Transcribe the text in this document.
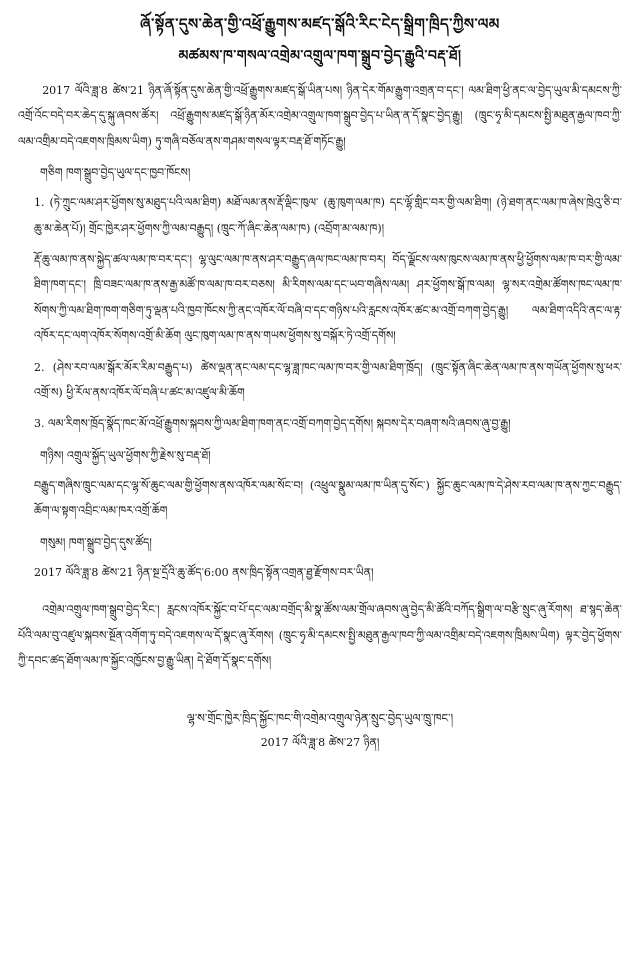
ཞོ་སྟོན་དུས་ཆེན་གྱི་འཕྲོ་རྒྱུགས་མཛད་སྒོའི་རིང་ངེད་སྒྲིག་ཁྲིད་ཀྱིས་ལམ
མཚམས་ཁ་གསལ་འགྲེམ་འགྲུལ་ཁག་སྒྲུབ་བྱེད་རྒྱུའི་བརྡ་ཐོ།

2017 ལོའི་ཟླ་8 ཚེས་21 ཉིན་ཞོ་སྟོན་དུས་ཆེན་གྱི་འཕྲོ་རྒྱུགས་མཛད་སྒོ་ཡིན་པས། ཉིན་དེར་གོམ་རྒྱུག་འགྲན་བ་དང་། ལམ་ཐིག་ཕྱི་ནང་ལ་བྱེད་ཡུལ་མི་དམངས་ཀྱི་འགྲོ་འོང་བདེ་བར་ཆེད་དུ་སྐུ་ཞབས་ཚོར། འཕྲོ་རྒྱུགས་མཛད་སྒོ་ཉིན་མོར་འགྲེམ་འགྲུལ་ཁག་སྒྲུབ་བྱེད་པ་ཡིན་ན་དོ་སྣང་བྱེད་རྒྱུ། (ཁྲུང་ཧྭ་མི་དམངས་སྤྱི་མཐུན་རྒྱལ་ཁབ་ཀྱི་ལམ་འགྲིམ་བདེ་འཇགས་ཁྲིམས་ཡིག) ཏུ་གཞི་བཅོལ་ནས་གཤམ་གསལ་ལྟར་བརྡ་ཐོ་གཏོང་རྒྱུ།

གཅིག ཁག་སྒྲུབ་བྱེད་ཡུལ་དང་ཁྱབ་ཁོངས།

1. (ཏེ་ཀྲུང་ལམ་ཤར་ཕྱོགས་སུ་མཐུད་པའི་ལམ་ཐིག) མཐོ་ལམ་ནས་རྡོ་ལྡིང་ཁུལ་ (ཆུ་ཁུག་ལམ་ཁ) དང་ལྷོ་གླིང་བར་གྱི་ལམ་ཐིག། (ཉེ་ཐག་ནང་ལམ་ཁ་ཞེས་ཁྲེའུ་ཅི་བ་ཆུ་མ་ཆེན་པོ)། གྲོང་ཁྱེར་ཤར་ཕྱོགས་ཀྱི་ལམ་བརྒྱུད། (ཁྲུང་ཀོ་ཞིང་ཆེན་ལམ་ཁ) (འབྲོག་མ་ལམ་ཁ)།

རྡོ་ཆུ་ལམ་ཁ་ནས་སྐྱེད་ཚལ་ལམ་ཁ་བར་དང་། ལྷ་ལུང་ལམ་ཁ་ནས་ཤར་བརྒྱུད་ཞལ་ཁང་ལམ་ཁ་བར། བོད་ལྗོངས་ལས་ཁུངས་ལམ་ཁ་ནས་ཕྱི་ཕྱོགས་ལམ་ཁ་བར་གྱི་ལམ་ཐིག་ཁག་དང་། ཁྲི་བཟང་ལམ་ཁ་ནས་རྒྱ་མཚོ་ཁ་ལམ་ཁ་བར་བཅས། མི་རིགས་ལམ་དང་ཡབ་གཞིས་ལམ། ཤར་ཕྱོགས་སྒོ་ཁ་ལམ། ལྷ་སར་འགྲེམ་ཚོགས་ཁང་ལམ་ཁ་སོགས་ཀྱི་ལམ་ཐིག་ཁག་གཅིག་ཏུ་ལྡན་པའི་ཁྱབ་ཁོངས་ཀྱི་ནང་འཁོར་ལོ་བཞི་བ་དང་གཉིས་པའི་རླངས་འཁོར་ཚང་མ་འགྲོ་བཀག་བྱེད་རྒྱུ། ལམ་ཐིག་འདིའི་ནང་ལ་རྟ་འཁོར་དང་ལག་འཁོར་སོགས་འགྲོ་མི་ཆོག ལུང་ཁུག་ལམ་ཁ་ནས་གཡས་ཕྱོགས་སུ་བསྐོར་ཏེ་འགྲོ་དགོས།

2. (ཤེས་རབ་ལམ་སྒོར་མོར་རིམ་བརྒྱུད་པ) ཚེས་ལྡན་ནང་ལམ་དང་ལྷ་ཟླ་ཁང་ལམ་ཁ་བར་གྱི་ལམ་ཐིག་ཁྲོད། (ཁྲུང་སྟོན་ཞིང་ཆེན་ལམ་ཁ་ནས་གཡོན་ཕྱོགས་སུ་ཕར་འགྲོ་ས) ཕྱི་རོལ་ནས་འཁོར་ལོ་བཞི་པ་ཚང་མ་འཛུལ་མི་ཆོག

3. ལམ་རིགས་ཁྲོད་སྣོད་ཁང་མོ་འཕྲོ་རྒྱུགས་སྐབས་ཀྱི་ལམ་ཐིག་ཁག་ནང་འགྲོ་བཀག་བྱེད་དགོས། སྐབས་དེར་བཞག་སའི་ཞབས་ཞུ་བྱ་རྒྱུ།

གཉིས། འགྲུལ་སྐྱོད་ཡུལ་ཕྱོགས་ཀྱི་རྗེས་སུ་བརྡ་ཐོ།

བརྒྱུད་གཞིས་ཁྲུང་ལམ་དང་ལྷ་སོ་ཆུང་ལམ་གྱི་ཕྱོགས་ནས་འཁོར་ལམ་སོང་བ། (འཕྲུལ་སྣུམ་ལམ་ཁ་ཡིན་དུ་སོང་) སྐྱོང་ཆུང་ལམ་ཁ་དེ་ཤེས་རབ་ལམ་ཁ་ནས་ཀྱང་བརྒྱུད་ཆོག་ལ་སྟག་འབྲིང་ལམ་ཁར་འགྲོ་ཆོག

གསུམ། ཁག་སྒྲུབ་བྱེད་དུས་ཚོད།

2017 ལོའི་ཟླ་8 ཚེས་21 ཉིན་སྔ་དྲོའི་ཆུ་ཚོད་6:00 ནས་ཁྲིད་སྟོན་འགྲན་ཐྱ་རྫོགས་བར་ཡིན།

འགྲེམ་འགྲུལ་ཁག་སྒྲུབ་བྱེད་རིང་། རླངས་འཁོར་སྐྱོང་བ་པོ་དང་ལམ་བགྲོད་མི་སྣ་ཚོས་ལམ་གྲོལ་ཞབས་ཞུ་བྱེད་མི་ཚོའི་བཀོད་སྒྲིག་ལ་བརྩི་སྲུང་ཞུ་རོགས། ཐ་སྙད་ཆེན་པོའི་ལམ་བུ་འཛུལ་སྐབས་སྔོན་འགོག་ཏུ་བདེ་འཇགས་ལ་དོ་སྣང་ཞུ་རོགས། (ཁྲུང་ཧྭ་མི་དམངས་སྤྱི་མཐུན་རྒྱལ་ཁབ་ཀྱི་ལམ་འགྲིམ་བདེ་འཇགས་ཁྲིམས་ཡིག) ལྟར་བྱེད་ཕྱོགས་ཀྱི་དབང་ཚད་ཐོག་ལམ་ཁ་སྐྱོང་འཁྱོངས་བྱ་རྒྱུ་ཡིན། དེ་ཐོག་དོ་སྣང་དགོས།

ལྷ་ས་གྲོང་ཁྱེར་ཁྲིད་སྐྱོང་ཁང་གི་འགྲེམ་འགྲུལ་ཉེན་སྲུང་བྱེད་ཡུལ་ཁྲུ་ཁང་།
2017 ལོའི་ཟླ་8 ཚེས་27 ཉིན།
